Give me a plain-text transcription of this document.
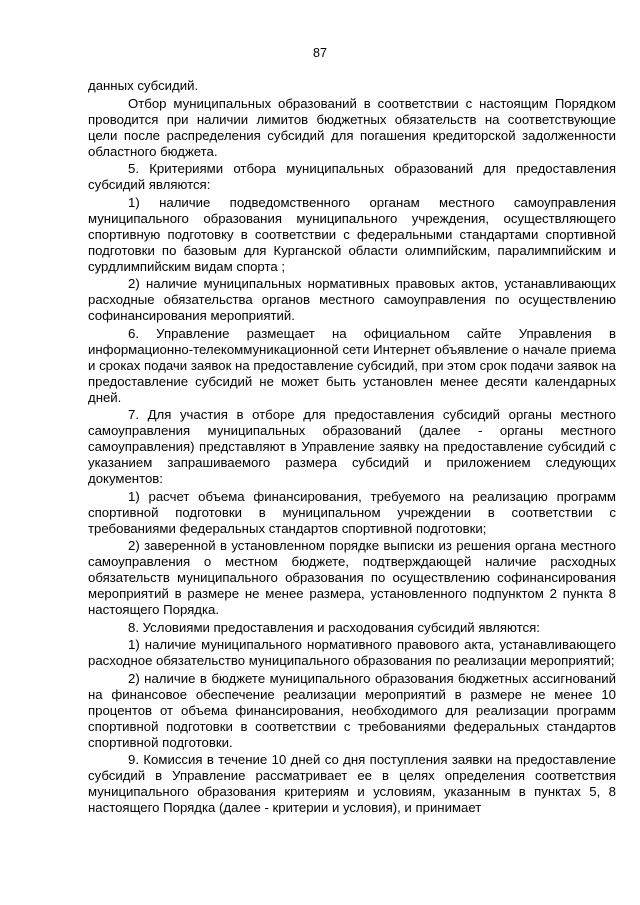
87

данных субсидий.

Отбор муниципальных образований в соответствии с настоящим Порядком проводится при наличии лимитов бюджетных обязательств на соответствующие цели после распределения субсидий для погашения кредиторской задолженности областного бюджета.

5. Критериями отбора муниципальных образований для предоставления субсидий являются:

1) наличие подведомственного органам местного самоуправления муниципального образования муниципального учреждения, осуществляющего спортивную подготовку в соответствии с федеральными стандартами спортивной подготовки по базовым для Курганской области олимпийским, паралимпийским и сурдлимпийским видам спорта ;

2) наличие муниципальных нормативных правовых актов, устанавливающих расходные обязательства органов местного самоуправления по осуществлению софинансирования мероприятий.

6. Управление размещает на официальном сайте Управления в информационно-телекоммуникационной сети Интернет объявление о начале приема и сроках подачи заявок на предоставление субсидий, при этом срок подачи заявок на предоставление субсидий не может быть установлен менее десяти календарных дней.

7. Для участия в отборе для предоставления субсидий органы местного самоуправления муниципальных образований (далее - органы местного самоуправления) представляют в Управление заявку на предоставление субсидий с указанием запрашиваемого размера субсидий и приложением следующих документов:

1) расчет объема финансирования, требуемого на реализацию программ спортивной подготовки в муниципальном учреждении в соответствии с требованиями федеральных стандартов спортивной подготовки;

2) заверенной в установленном порядке выписки из решения органа местного самоуправления о местном бюджете, подтверждающей наличие расходных обязательств муниципального образования по осуществлению софинансирования мероприятий в размере не менее размера, установленного подпунктом 2 пункта 8 настоящего Порядка.

8. Условиями предоставления и расходования субсидий являются:

1) наличие муниципального нормативного правового акта, устанавливающего расходное обязательство муниципального образования по реализации мероприятий;

2) наличие в бюджете муниципального образования бюджетных ассигнований на финансовое обеспечение реализации мероприятий в размере не менее 10 процентов от объема финансирования, необходимого для реализации программ спортивной подготовки в соответствии с требованиями федеральных стандартов спортивной подготовки.

9. Комиссия в течение 10 дней со дня поступления заявки на предоставление субсидий в Управление рассматривает ее в целях определения соответствия муниципального образования критериям и условиям, указанным в пунктах 5, 8 настоящего Порядка (далее - критерии и условия), и принимает
